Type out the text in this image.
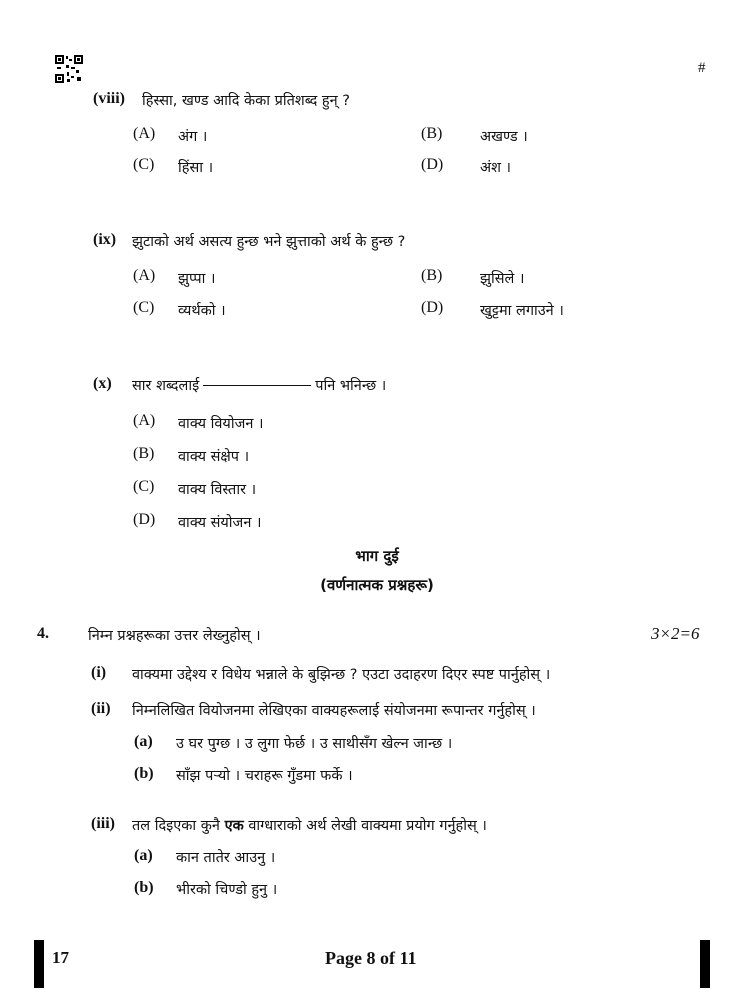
#
(viii) हिस्सा, खण्ड आदि केका प्रतिशब्द हुन् ?
(A) अंग ।	(B)	अखण्ड ।
(C) हिंसा ।	(D)	अंश ।
(ix) झुटाको अर्थ असत्य हुन्छ भने झुत्ताको अर्थ के हुन्छ ?
(A) झुप्पा ।	(B)	झुसिले ।
(C) व्यर्थको ।	(D)	खुट्टमा लगाउने ।
(x) सार शब्दलाई	पनि भनिन्छ ।
(A) वाक्य वियोजन ।
(B) वाक्य संक्षेप ।
(C) वाक्य विस्तार ।
(D) वाक्य संयोजन ।
भाग दुई
(वर्णनात्मक प्रश्नहरू)
4.	निम्न प्रश्नहरूका उत्तर लेख्नुहोस् ।	3×2=6
(i) वाक्यमा उद्देश्य र विधेय भन्नाले के बुझिन्छ ? एउटा उदाहरण दिएर स्पष्ट पार्नुहोस् ।
(ii) निम्नलिखित वियोजनमा लेखिएका वाक्यहरूलाई संयोजनमा रूपान्तर गर्नुहोस् ।
(a) उ घर पुग्छ । उ लुगा फेर्छ । उ साथीसँग खेल्न जान्छ ।
(b) साँझ पऱ्यो । चराहरू गुँडमा फर्के ।
(iii) तल दिइएका कुनै एक वाग्धाराको अर्थ लेखी वाक्यमा प्रयोग गर्नुहोस् ।
(a) कान तातेर आउनु ।
(b) भीरको चिण्डो हुनु ।
17	Page 8 of 11
